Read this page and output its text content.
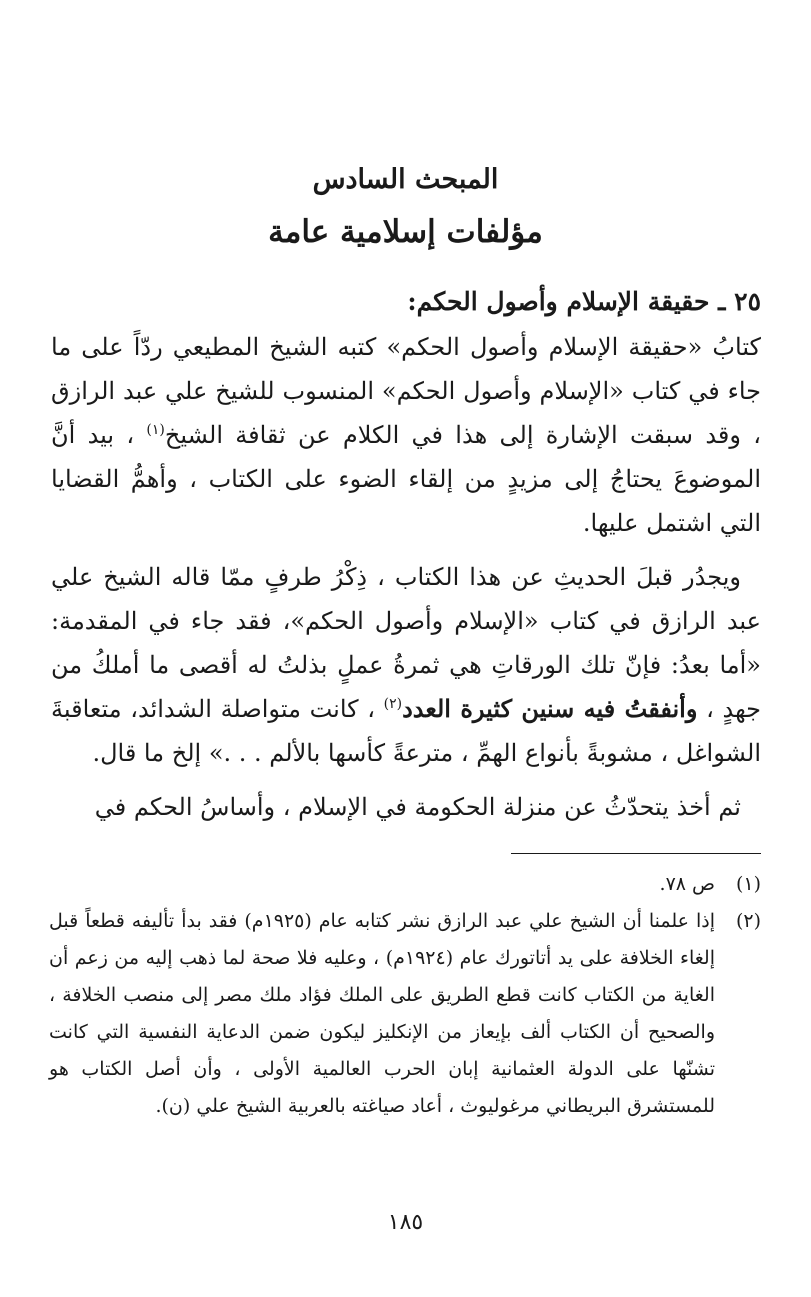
المبحث السادس
مؤلفات إسلامية عامة
٢٥ ـ حقيقة الإسلام وأصول الحكم:

كتابُ «حقيقة الإسلام وأصول الحكم» كتبه الشيخ المطيعي ردّاً على ما جاء في كتاب «الإسلام وأصول الحكم» المنسوب للشيخ علي عبد الرازق ، وقد سبقت الإشارة إلى هذا في الكلام عن ثقافة الشيخ$^{(١)}$ ، بيد أنَّ الموضوعَ يحتاجُ إلى مزيدٍ من إلقاء الضوء على الكتاب ، وأهمُّ القضايا التي اشتمل عليها.

ويجدُر قبلَ الحديثِ عن هذا الكتاب ، ذِكْرُ طرفٍ ممّا قاله الشيخ علي عبد الرازق في كتاب «الإسلام وأصول الحكم»، فقد جاء في المقدمة: «أما بعدُ: فإنّ تلك الورقاتِ هي ثمرةُ عملٍ بذلتُ له أقصى ما أملكُ من جهدٍ ، وأنفقتُ فيه سنين كثيرة العدد$^{(٢)}$ ، كانت متواصلة الشدائد، متعاقبةَ الشواغل ، مشوبةً بأنواع الهمِّ ، مترعةً كأسها بالألم . . .» إلخ ما قال.

ثم أخذ يتحدّثُ عن منزلة الحكومة في الإسلام ، وأساسُ الحكم في

(١)
ص ٧٨.
(٢)
إذا علمنا أن الشيخ علي عبد الرازق نشر كتابه عام (١٩٢٥م) فقد بدأ تأليفه قطعاً قبل إلغاء الخلافة على يد أتاتورك عام (١٩٢٤م) ، وعليه فلا صحة لما ذهب إليه من زعم أن الغاية من الكتاب كانت قطع الطريق على الملك فؤاد ملك مصر إلى منصب الخلافة ، والصحيح أن الكتاب ألف بإيعاز من الإنكليز ليكون ضمن الدعاية النفسية التي كانت تشنّها على الدولة العثمانية إبان الحرب العالمية الأولى ، وأن أصل الكتاب هو للمستشرق البريطاني مرغوليوث ، أعاد صياغته بالعربية الشيخ علي (ن).
١٨٥
